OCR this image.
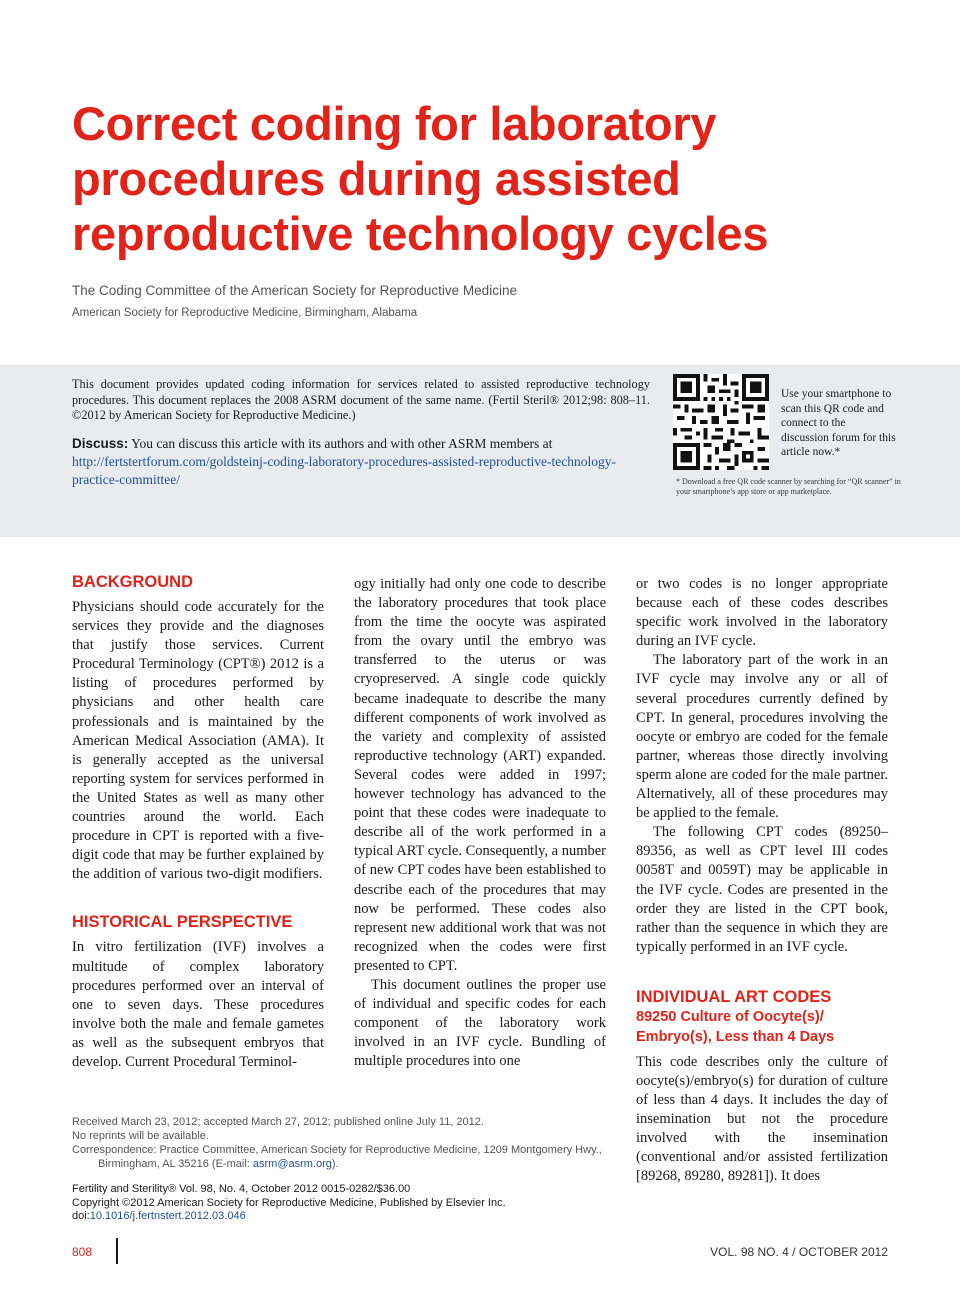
Correct coding for laboratory procedures during assisted reproductive technology cycles
The Coding Committee of the American Society for Reproductive Medicine
American Society for Reproductive Medicine, Birmingham, Alabama

This document provides updated coding information for services related to assisted reproductive technology procedures. This document replaces the 2008 ASRM document of the same name. (Fertil Steril® 2012;98: 808–11. ©2012 by American Society for Reproductive Medicine.)

Discuss: You can discuss this article with its authors and with other ASRM members at http://fertstertforum.com/goldsteinj-coding-laboratory-procedures-assisted-reproductive-technology-practice-committee/

Use your smartphone to scan this QR code and connect to the discussion forum for this article now.*

* Download a free QR code scanner by searching for “QR scanner” in your smartphone’s app store or app marketplace.

BACKGROUND

Physicians should code accurately for the services they provide and the diagnoses that justify those services. Current Procedural Terminology (CPT®) 2012 is a listing of procedures performed by physicians and other health care professionals and is maintained by the American Medical Association (AMA). It is generally accepted as the universal reporting system for services performed in the United States as well as many other countries around the world. Each procedure in CPT is reported with a five-digit code that may be further explained by the addition of various two-digit modifiers.

HISTORICAL PERSPECTIVE

In vitro fertilization (IVF) involves a multitude of complex laboratory procedures performed over an interval of one to seven days. These procedures involve both the male and female gametes as well as the subsequent embryos that develop. Current Procedural Terminol-

ogy initially had only one code to describe the laboratory procedures that took place from the time the oocyte was aspirated from the ovary until the embryo was transferred to the uterus or was cryopreserved. A single code quickly became inadequate to describe the many different components of work involved as the variety and complexity of assisted reproductive technology (ART) expanded. Several codes were added in 1997; however technology has advanced to the point that these codes were inadequate to describe all of the work performed in a typical ART cycle. Consequently, a number of new CPT codes have been established to describe each of the procedures that may now be performed. These codes also represent new additional work that was not recognized when the codes were first presented to CPT.

This document outlines the proper use of individual and specific codes for each component of the laboratory work involved in an IVF cycle. Bundling of multiple procedures into one

or two codes is no longer appropriate because each of these codes describes specific work involved in the laboratory during an IVF cycle.

The laboratory part of the work in an IVF cycle may involve any or all of several procedures currently defined by CPT. In general, procedures involving the oocyte or embryo are coded for the female partner, whereas those directly involving sperm alone are coded for the male partner. Alternatively, all of these procedures may be applied to the female.

The following CPT codes (89250–89356, as well as CPT level III codes 0058T and 0059T) may be applicable in the IVF cycle. Codes are presented in the order they are listed in the CPT book, rather than the sequence in which they are typically performed in an IVF cycle.

INDIVIDUAL ART CODES
89250 Culture of Oocyte(s)/ Embryo(s), Less than 4 Days

This code describes only the culture of oocyte(s)/embryo(s) for duration of culture of less than 4 days. It includes the day of insemination but not the procedure involved with the insemination (conventional and/or assisted fertilization [89268, 89280, 89281]). It does

Received March 23, 2012; accepted March 27, 2012; published online July 11, 2012.

No reprints will be available.

Correspondence: Practice Committee, American Society for Reproductive Medicine, 1209 Montgomery Hwy., Birmingham, AL 35216 (E-mail: asrm@asrm.org).

Fertility and Sterility® Vol. 98, No. 4, October 2012 0015-0282/$36.00

Copyright ©2012 American Society for Reproductive Medicine, Published by Elsevier Inc.

doi:10.1016/j.fertnstert.2012.03.046

808	VOL. 98 NO. 4 / OCTOBER 2012
